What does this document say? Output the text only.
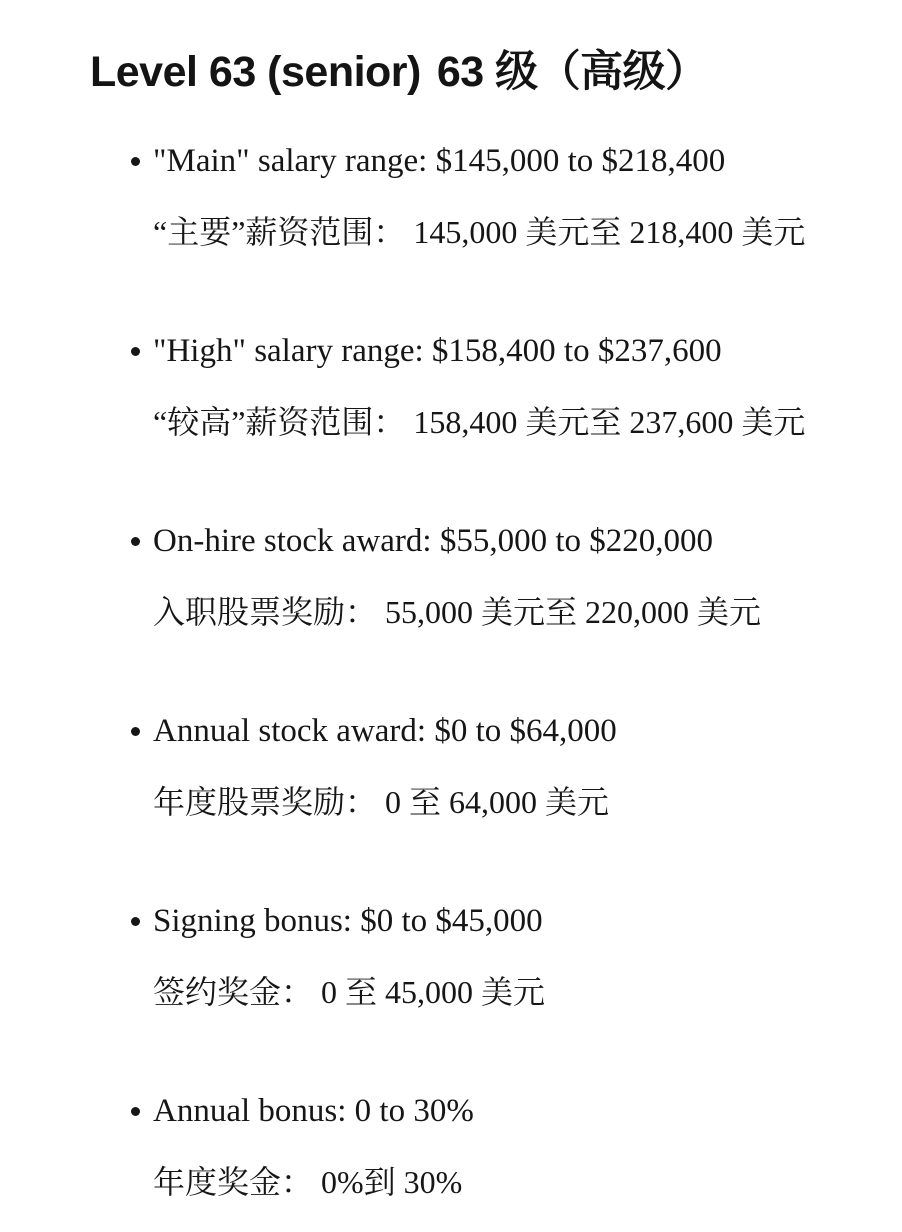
Level 63 (senior) 63 级（高级）

"Main" salary range: $145,000 to $218,400

“主要”薪资范围： 145,000 美元至 218,400 美元

"High" salary range: $158,400 to $237,600

“较高”薪资范围： 158,400 美元至 237,600 美元

On-hire stock award: $55,000 to $220,000

入职股票奖励： 55,000 美元至 220,000 美元

Annual stock award: $0 to $64,000

年度股票奖励： 0 至 64,000 美元

Signing bonus: $0 to $45,000

签约奖金： 0 至 45,000 美元

Annual bonus: 0 to 30%

年度奖金： 0%到 30%
